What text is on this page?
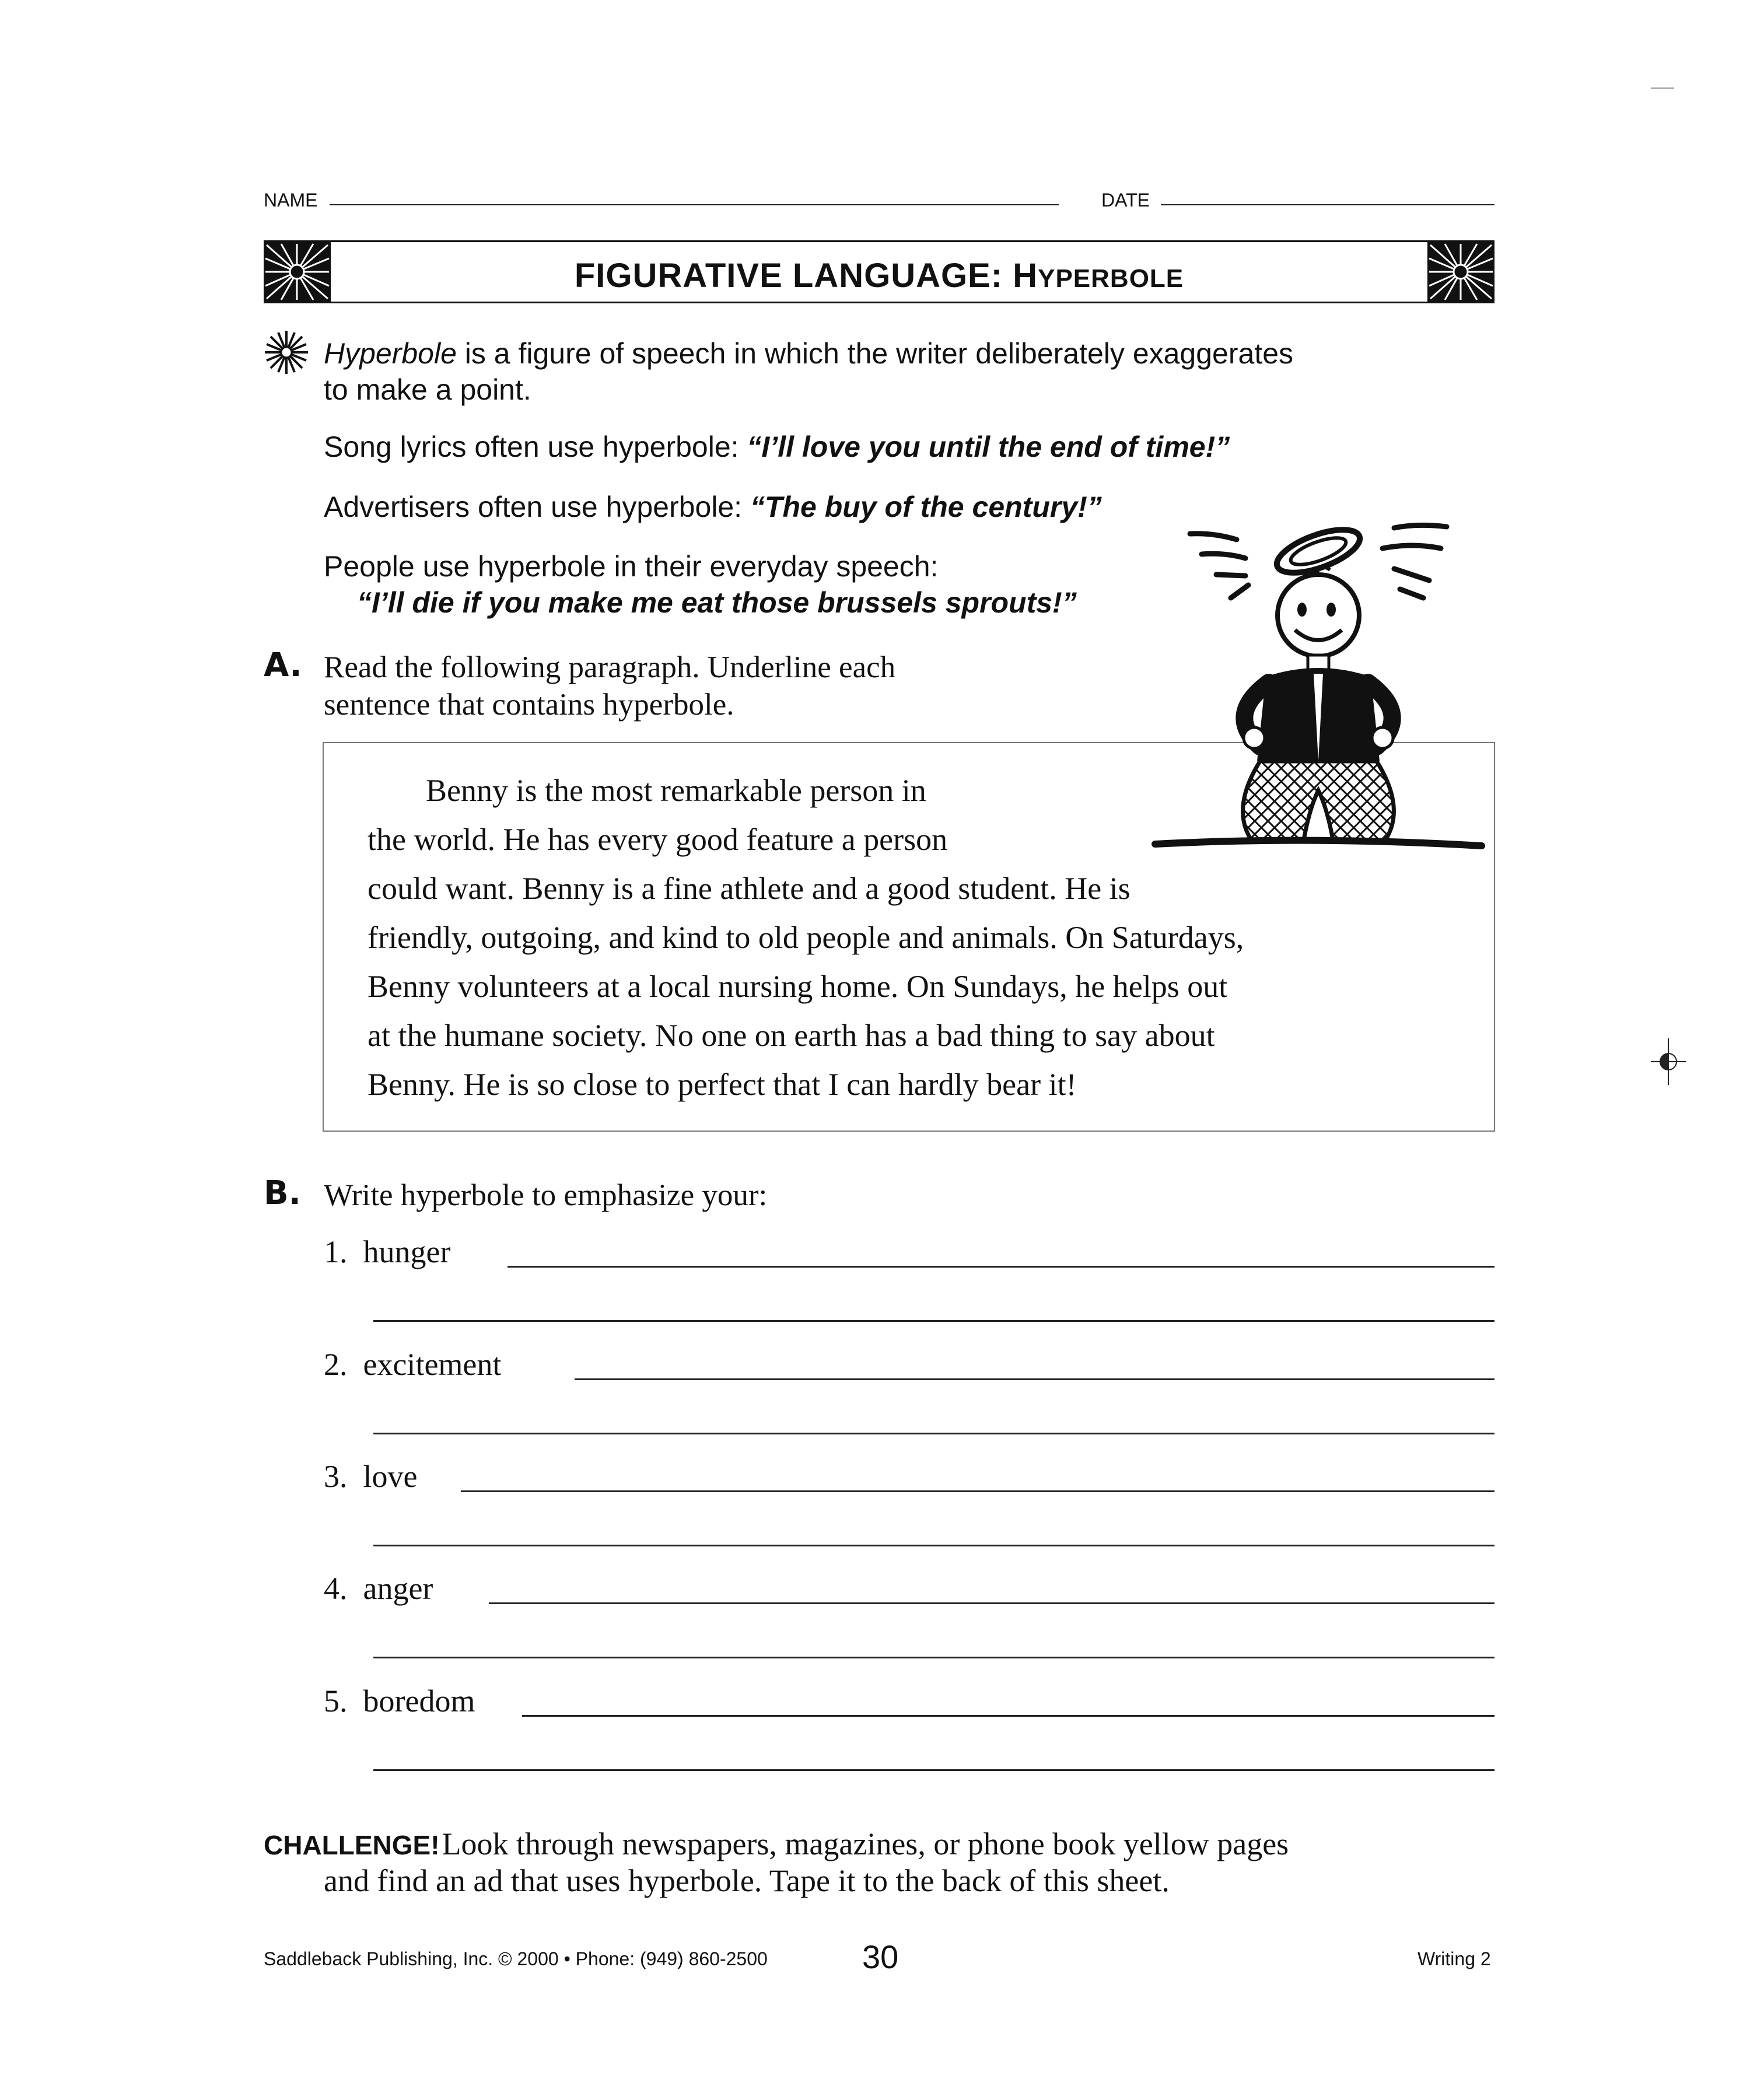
NAME	DATE
FIGURATIVE LANGUAGE: HYPERBOLE
Hyperbole is a figure of speech in which the writer deliberately exaggerates
to make a point.
Song lyrics often use hyperbole: “I’ll love you until the end of time!”
Advertisers often use hyperbole: “The buy of the century!”
People use hyperbole in their everyday speech:
“I’ll die if you make me eat those brussels sprouts!”
A. Read the following paragraph. Underline each
sentence that contains hyperbole.
Benny is the most remarkable person in
the world. He has every good feature a person
could want. Benny is a fine athlete and a good student. He is
friendly, outgoing, and kind to old people and animals. On Saturdays,
Benny volunteers at a local nursing home. On Sundays, he helps out
at the humane society. No one on earth has a bad thing to say about
Benny. He is so close to perfect that I can hardly bear it!
B. Write hyperbole to emphasize your:
1. hunger
2. excitement
3. love
4. anger
5. boredom
CHALLENGE! Look through newspapers, magazines, or phone book yellow pages
and find an ad that uses hyperbole. Tape it to the back of this sheet.
Saddleback Publishing, Inc. © 2000 • Phone: (949) 860-2500	30	Writing 2
